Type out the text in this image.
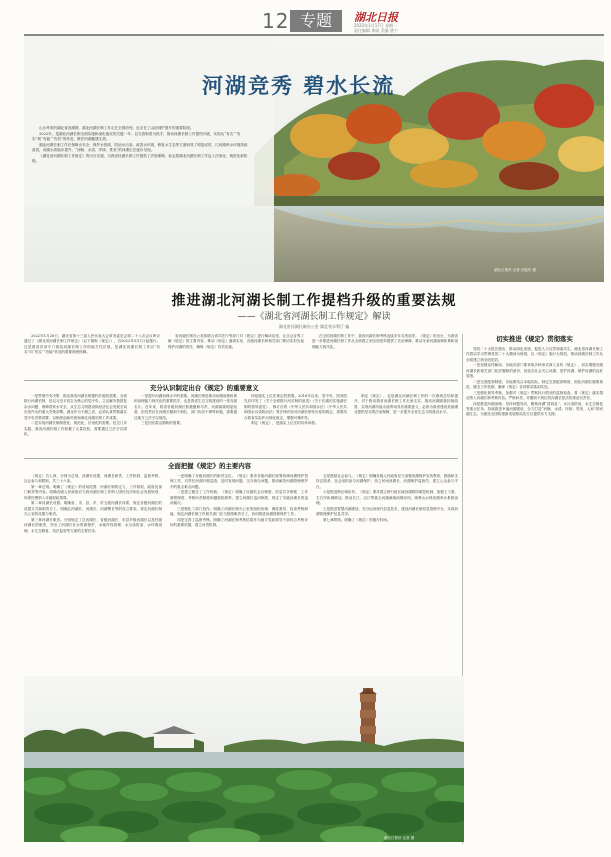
12 专题	湖北日报
2022年1月17日 星期一
责任编辑 龚勋 美编 唐宁
河湖竞秀 碧水长流

山水秀美的湖北省河湖网，湖北河湖长制工作走在全国前列，也走在了由治到护提升的重要阶段。

2022年，是湖北河湖长制全面实施和深化落实的关键一年，以完善制度为抓手，推动河湖长制工作提档升级，实现从“有名”“有实”到“有能”“有效”的转变，维护河湖健康生命。

湖北河湖长制工作在保障水安全、保护水资源、防治水污染、改善水环境、修复水生态等方面取得了明显成效，江河湖库水环境持续改善，河湖水质稳步提升，“河畅、水清、岸绿、景美”的河湖正在逐步呈现。

《湖北省河湖长制工作规定》的出台实施，为我省河湖长制工作提供了法规保障，标志着湖北河湖长制工作迈入法治化、规范化新阶段。

湖北日报讯 记者 苏振东 摄
推进湖北河湖长制工作提档升级的重要法规
——《湖北省河湖长制工作规定》解读
湖北省河湖长制办公室 湖北省水利厅 编

2022年1月28日，湖北省第十三届人民代表大会常务委员会第二十八次会议审议通过了《湖北省河湖长制工作规定》（以下简称《规定》），自2022年3月1日起施行。这是我省首部专门规范河湖长制工作的地方性法规，是湖北河湖长制工作由“有名”向“有实”“有能”转变的重要制度保障。

省河湖长制办公室将联合省司法厅等部门对《规定》进行解读宣传，让社会各界了解《规定》的主要内容，推动《规定》落到实处，各级河湖长和相关部门要切实担负起保护河湖的责任，确保《规定》有效实施。

在全国河湖长制工作中，我省河湖长制考核连续多年名列前茅。《规定》的出台，为我省进一步推进河湖长制工作从全面建立到全面见效提供了法治保障，推动全省河湖治理体系和治理能力现代化。

充分认识制定出台《规定》的重要意义

一是贯彻中央决策、推动我省河湖长制提档升级的需要。全面推行河湖长制，是以习近平同志为核心的党中央，立足解决我国复杂水问题、保障国家水安全，从生态文明建设和经济社会发展全局出发作出的重大决策部署。湖北作为千湖之省，必须认真贯彻落实党中央决策部署，以制度创新巩固和深化河湖长制工作成果。

二是实现河湖长制制度化、规范化、法治化的需要。经过几年实践，我省河湖长制工作积累了大量经验，需要通过立法予以固化。

一是提升河湖治理水平的需要。河湖长制是推动河湖治理体系和治理能力现代化的重要抓手，也是我省生态文明建设的一张亮丽名片。近年来，我省各级河湖长积极履职尽责，河湖面貌明显改善，但仍然存在河湖长履职不到位、部门协同不够等问题，需要通过地方立法予以规范。

三是回应群众期盼的需要。

四是落实上位法规定的需要。2016年以来，党中央、国务院先后印发了《关于全面推行河长制的意见》《关于在湖泊实施湖长制的指导意见》，修订后的《中华人民共和国水法》《中华人民共和国水污染防治法》等法律法规对河湖长制作出原则规定，需要结合我省实际作出细化规定，增强可操作性。

制定《规定》，是落实上位法的具体举措。

制定《规定》，也是湖北河湖长制工作的一次系统总结和提升，对于推动我省河湖长制工作走深走实、推动河湖面貌持续改善、实现河湖功能永续利用具有重要意义，必将为我省建设美丽湖北提供坚实的法治保障，进一步提升全省生态文明建设水平。

全面把握《规定》的主要内容

《规定》共七章，分别为总则、河湖长设置、河湖长职责、工作机制、监督考核、社会参与和附则，共三十六条。

第一章总则。明确了《规定》的适用范围、河湖长制的定义、工作原则、政府及部门职责等内容。明确各级人民政府应当将河湖长制工作纳入国民经济和社会发展规划，所需经费纳入本级财政预算。

第二章河湖长设置。明确省、市、县、乡、村五级河湖长体系，规定各级河湖长的设置方式和职责分工，明确总河湖长、河湖长、河湖警长等的设立要求。规定河湖长制办公室的设置与职责。

第三章河湖长职责。分别规定了总河湖长、省级河湖长、市县乡级河湖长以及村级河湖长的职责，突出了河湖长在水资源保护、水域岸线管理、水污染防治、水环境治理、水生态修复、执法监管等方面的主要任务。

一是明确了各级河湖长的职责定位。《规定》要求各级河湖长统筹协调河湖保护管理工作，对责任河湖开展巡查，及时发现问题、交办督办问题，推动解决河湖管理保护中的重点难点问题。

二是建立健全了工作机制。《规定》明确了河湖长会议制度、信息共享制度、工作督察制度、考核问责制度和激励机制等。建立河湖长巡河制度，规定了各级河湖长的巡河频次。

三是强化了部门协作。明确了河湖长制办公室的组织协调、调度督导、检查考核职能，规定河湖长制工作相关部门应当按照职责分工，协同推进河湖管理保护工作。

四是完善了监督考核。明确了河湖长制考核结果作为地方党政领导干部综合考核评价的重要依据，建立问责机制。

五是鼓励社会参与。《规定》明确各级人民政府应当加强河湖保护宣传教育，鼓励和支持志愿者、社会组织参与河湖保护。设立民间河湖长、河湖保护监督员，建立公众参与平台。

六是推进跨区域协作。《规定》要求建立跨行政区域河湖联防联控机制，加强上下游、左右岸协调联动。推动长江、汉江等重点河湖流域治理协同，统筹山水林田湖草沙系统治理。

七是推进智慧河湖建设。充分运用现代信息技术，建设河湖长制信息管理平台，实现河湖管理保护信息共享。

第七章附则。明确了《规定》的施行时间。

切实推进《规定》贯彻落实

党的二十大报告提出，推动绿色发展，促进人与自然和谐共生。湖北省河湖长制工作将以学习贯彻党的二十大精神为统领，以《规定》施行为契机，推动河湖长制工作从全面建立到全面见效。

一是加强宣传解读。各地各部门要采取多种形式深入宣传《规定》，切实增强各级河湖长和相关部门依法履职的意识，营造全社会关心河湖、爱护河湖、保护河湖的良好氛围。

二是完善配套制度。各地要结合本地实际，制定完善配套制度，细化河湖长履职规范，健全工作机制，确保《规定》各项要求落到实处。

三是强化督导考核。加强对《规定》贯彻执行情况的监督检查，将《规定》落实情况纳入河湖长制考核内容。严格问责，对履职不到位的河湖长依法依规追究责任。

四是推进河湖治理。坚持问题导向，聚焦河湖“清四乱”、水污染防治、水生态修复等重点任务，持续推进幸福河湖建设，全力打造“河畅、水清、岸绿、景美、人和”的河湖生态，为建设全国构建新发展格局先行区提供有力支撑。

湖北日报讯 记者 摄
